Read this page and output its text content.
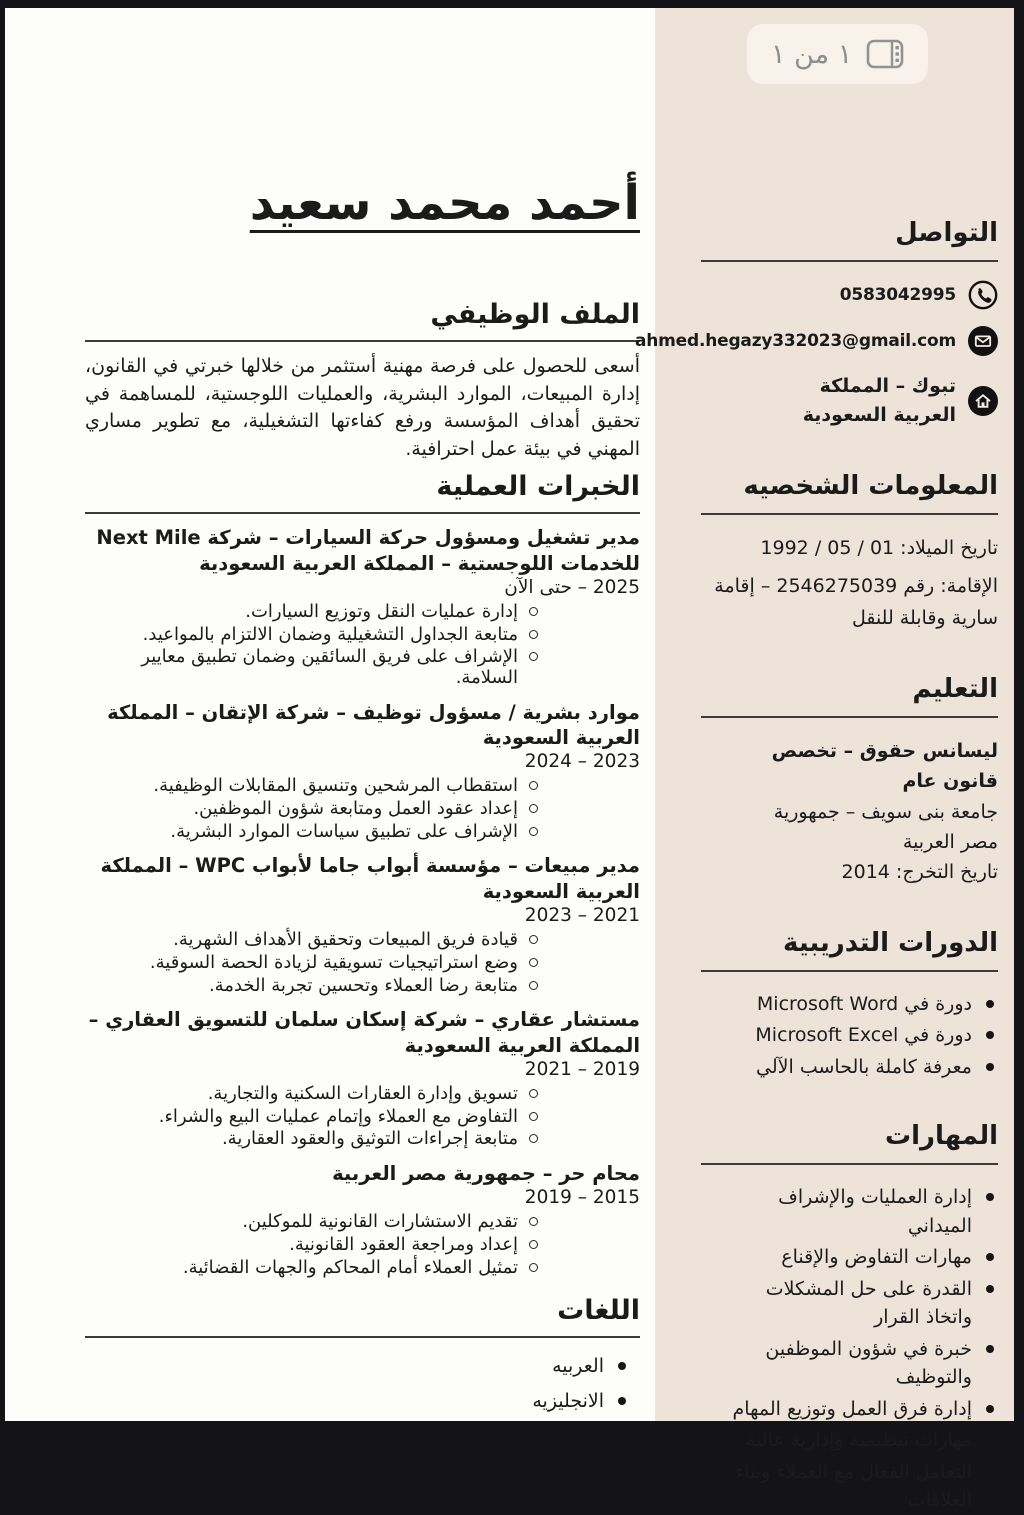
أحمد محمد سعيد
الملف الوظيفي

أسعى للحصول على فرصة مهنية أستثمر من خلالها خبرتي في القانون، إدارة المبيعات، الموارد البشرية، والعمليات اللوجستية، للمساهمة في تحقيق أهداف المؤسسة ورفع كفاءتها التشغيلية، مع تطوير مساري المهني في بيئة عمل احترافية.

الخبرات العملية
مدير تشغيل ومسؤول حركة السيارات – شركة Next Mile للخدمات اللوجستية – المملكة العربية السعودية
2025 – حتى الآن
إدارة عمليات النقل وتوزيع السيارات.
متابعة الجداول التشغيلية وضمان الالتزام بالمواعيد.
الإشراف على فريق السائقين وضمان تطبيق معايير السلامة.
موارد بشرية / مسؤول توظيف – شركة الإتقان – المملكة العربية السعودية
2023 – 2024
استقطاب المرشحين وتنسيق المقابلات الوظيفية.
إعداد عقود العمل ومتابعة شؤون الموظفين.
الإشراف على تطبيق سياسات الموارد البشرية.
مدير مبيعات – مؤسسة أبواب جاما لأبواب WPC – المملكة العربية السعودية
2021 – 2023
قيادة فريق المبيعات وتحقيق الأهداف الشهرية.
وضع استراتيجيات تسويقية لزيادة الحصة السوقية.
متابعة رضا العملاء وتحسين تجربة الخدمة.
مستشار عقاري – شركة إسكان سلمان للتسويق العقاري – المملكة العربية السعودية
2019 – 2021
تسويق وإدارة العقارات السكنية والتجارية.
التفاوض مع العملاء وإتمام عمليات البيع والشراء.
متابعة إجراءات التوثيق والعقود العقارية.
محام حر – جمهورية مصر العربية
2015 – 2019
تقديم الاستشارات القانونية للموكلين.
إعداد ومراجعة العقود القانونية.
تمثيل العملاء أمام المحاكم والجهات القضائية.
اللغات
العربيه
الانجليزيه
١ من ١
التواصل
0583042995
ahmed.hegazy332023@gmail.com
تبوك – المملكة العربية السعودية
المعلومات الشخصيه

تاريخ الميلاد: 01 / 05 / 1992

الإقامة: رقم 2546275039 – إقامة سارية وقابلة للنقل

التعليم

ليسانس حقوق – تخصص قانون عام

جامعة بنى سويف – جمهورية مصر العربية

تاريخ التخرج: 2014

الدورات التدريبية
دورة في Microsoft Word
دورة في Microsoft Excel
معرفة كاملة بالحاسب الآلي
المهارات
إدارة العمليات والإشراف الميداني
مهارات التفاوض والإقناع
القدرة على حل المشكلات واتخاذ القرار
خبرة في شؤون الموظفين والتوظيف
إدارة فرق العمل وتوزيع المهام
مهارات تنظيمية وإدارية عالية
التعامل الفعال مع العملاء وبناء العلاقات
